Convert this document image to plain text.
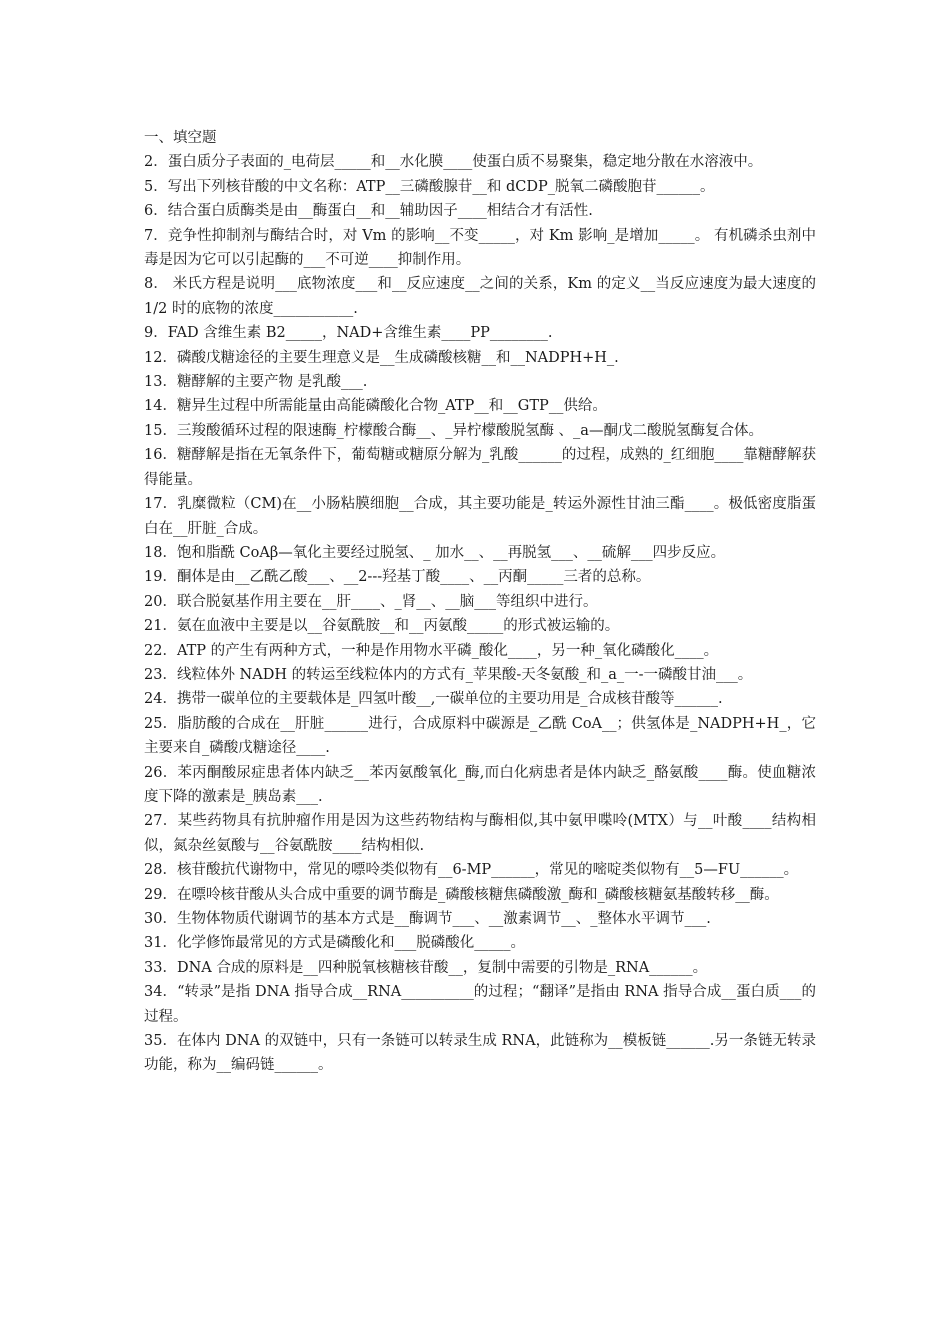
一、填空题

2．蛋白质分子表面的_电荷层_____和__水化膜____使蛋白质不易聚集，稳定地分散在水溶液中。

5．写出下列核苷酸的中文名称：ATP__三磷酸腺苷__和 dCDP_脱氧二磷酸胞苷______。

6．结合蛋白质酶类是由__酶蛋白__和__辅助因子____相结合才有活性.

7．竞争性抑制剂与酶结合时，对 Vm 的影响__不变_____，对 Km 影响_是增加_____。 有机磷杀虫剂中毒是因为它可以引起酶的___不可逆____抑制作用。

8． 米氏方程是说明___底物浓度___和__反应速度__之间的关系，Km 的定义__当反应速度为最大速度的 1/2 时的底物的浓度___________.

9．FAD 含维生素 B2_____，NAD+含维生素____PP________.

12．磷酸戊糖途径的主要生理意义是__生成磷酸核糖__和__NADPH+H_.

13．糖酵解的主要产物 是乳酸___.

14．糖异生过程中所需能量由高能磷酸化合物_ATP__和__GTP__供给。

15．三羧酸循环过程的限速酶_柠檬酸合酶__、_异柠檬酸脱氢酶 、_a—酮戊二酸脱氢酶复合体。

16．糖酵解是指在无氧条件下，葡萄糖或糖原分解为_乳酸______的过程，成熟的_红细胞____靠糖酵解获得能量。

17．乳糜微粒（CM)在__小肠粘膜细胞__合成，其主要功能是_转运外源性甘油三酯____。极低密度脂蛋白在__肝脏_合成。

18．饱和脂酰 CoAβ—氧化主要经过脱氢、_ 加水__、__再脱氢___、__硫解___四步反应。

19．酮体是由__乙酰乙酸___、__2---羟基丁酸____、__丙酮_____三者的总称。

20．联合脱氨基作用主要在__肝____、_肾__、__脑___等组织中进行。

21．氨在血液中主要是以__谷氨酰胺__和__丙氨酸_____的形式被运输的。

22．ATP 的产生有两种方式，一种是作用物水平磷_酸化____，另一种_氧化磷酸化____。

23．线粒体外 NADH 的转运至线粒体内的方式有_苹果酸-天冬氨酸_和_a_一-一磷酸甘油___。

24．携带一碳单位的主要载体是_四氢叶酸__,一碳单位的主要功用是_合成核苷酸等______.

25．脂肪酸的合成在__肝脏______进行，合成原料中碳源是_乙酰 CoA__；供氢体是_NADPH+H_，它主要来自_磷酸戊糖途径____.

26．苯丙酮酸尿症患者体内缺乏__苯丙氨酸氧化_酶,而白化病患者是体内缺乏_酪氨酸____酶。使血糖浓度下降的激素是_胰岛素___.

27．某些药物具有抗肿瘤作用是因为这些药物结构与酶相似,其中氨甲喋呤(MTX）与__叶酸____结构相似，氮杂丝氨酸与__谷氨酰胺____结构相似.

28．核苷酸抗代谢物中，常见的嘌呤类似物有__6-MP______，常见的嘧啶类似物有__5—FU______。

29．在嘌呤核苷酸从头合成中重要的调节酶是_磷酸核糖焦磷酸激_酶和_磷酸核糖氨基酸转移__酶。

30．生物体物质代谢调节的基本方式是__酶调节___、__激素调节__、_整体水平调节___.

31．化学修饰最常见的方式是磷酸化和___脱磷酸化_____。

33．DNA 合成的原料是__四种脱氧核糖核苷酸__，复制中需要的引物是_RNA______。

34．“转录”是指 DNA 指导合成__RNA__________的过程；“翻译”是指由 RNA 指导合成__蛋白质___的过程。

35．在体内 DNA 的双链中，只有一条链可以转录生成 RNA，此链称为__模板链______.另一条链无转录功能，称为__编码链______。
